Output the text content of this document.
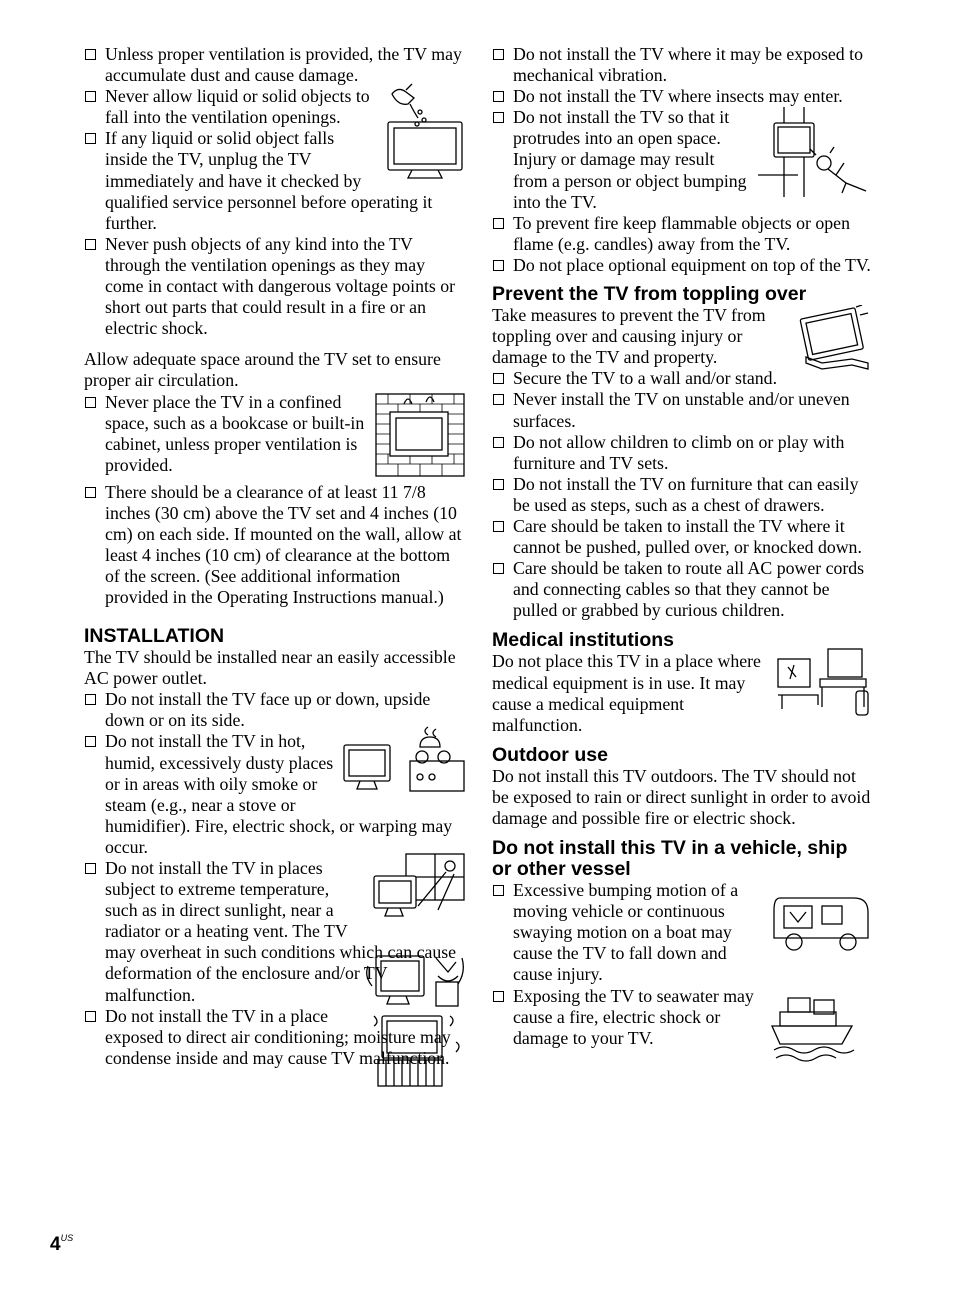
Unless proper ventilation is provided, the TV may accumulate dust and cause damage.

Never allow liquid or solid objects to fall into the ventilation openings.

If any liquid or solid object falls inside the TV, unplug the TV immediately and have it checked by qualified service personnel before operating it further.

Never push objects of any kind into the TV through the ventilation openings as they may come in contact with dangerous voltage points or short out parts that could result in a fire or an electric shock.

Allow adequate space around the TV set to ensure proper air circulation.

Never place the TV in a confined space, such as a bookcase or built-in cabinet, unless proper ventilation is provided.

There should be a clearance of at least 11 7/8 inches (30 cm) above the TV set and 4 inches (10 cm) on each side. If mounted on the wall, allow at least 4 inches (10 cm) of clearance at the bottom of the screen. (See additional information provided in the Operating Instructions manual.)

INSTALLATION

The TV should be installed near an easily accessible AC power outlet.

Do not install the TV face up or down, upside down or on its side.

Do not install the TV in hot, humid, excessively dusty places or in areas with oily smoke or steam (e.g., near a stove or humidifier). Fire, electric shock, or warping may occur.

Do not install the TV in places subject to extreme temperature, such as in direct sunlight, near a radiator or a heating vent. The TV may overheat in such conditions which can cause deformation of the enclosure and/or TV malfunction.

Do not install the TV in a place exposed to direct air conditioning; moisture may condense inside and may cause TV malfunction.

Do not install the TV where it may be exposed to mechanical vibration.

Do not install the TV where insects may enter.

Do not install the TV so that it protrudes into an open space. Injury or damage may result from a person or object bumping into the TV.

To prevent fire keep flammable objects or open flame (e.g. candles) away from the TV.

Do not place optional equipment on top of the TV.

Prevent the TV from toppling over

Take measures to prevent the TV from toppling over and causing injury or damage to the TV and property.

Secure the TV to a wall and/or stand.

Never install the TV on unstable and/or uneven surfaces.

Do not allow children to climb on or play with furniture and TV sets.

Do not install the TV on furniture that can easily be used as steps, such as a chest of drawers.

Care should be taken to install the TV where it cannot be pushed, pulled over, or knocked down.

Care should be taken to route all AC power cords and connecting cables so that they cannot be pulled or grabbed by curious children.

Medical institutions

Do not place this TV in a place where medical equipment is in use. It may cause a medical equipment malfunction.

Outdoor use

Do not install this TV outdoors. The TV should not be exposed to rain or direct sunlight in order to avoid damage and possible fire or electric shock.

Do not install this TV in a vehicle, ship or other vessel

Excessive bumping motion of a moving vehicle or continuous swaying motion on a boat may cause the TV to fall down and cause injury.

Exposing the TV to seawater may cause a fire, electric shock or damage to your TV.

$4^{US}$
